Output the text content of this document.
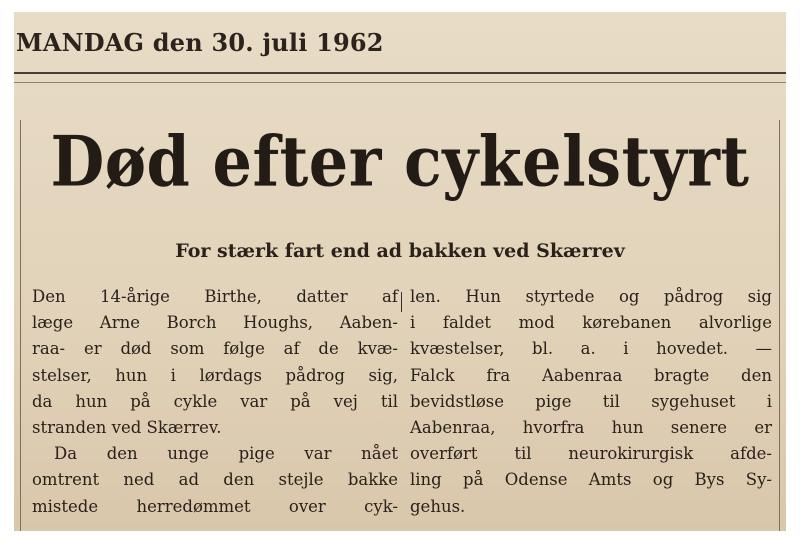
MANDAG den 30. juli 1962
Død efter cykelstyrt
For stærk fart end ad bakken ved Skærrev
Den 14-årige Birthe, datter af
læge Arne Borch Houghs, Aaben-
raa- er død som følge af de kvæ-
stelser, hun i lørdags pådrog sig,
da hun på cykle var på vej til
stranden ved Skærrev.
Da den unge pige var nået
omtrent ned ad den stejle bakke
mistede herredømmet over cyk-
len. Hun styrtede og pådrog sig
i faldet mod kørebanen alvorlige
kvæstelser, bl. a. i hovedet. —
Falck fra Aabenraa bragte den
bevidstløse pige til sygehuset i
Aabenraa, hvorfra hun senere er
overført til neurokirurgisk afde-
ling på Odense Amts og Bys Sy-
gehus.
